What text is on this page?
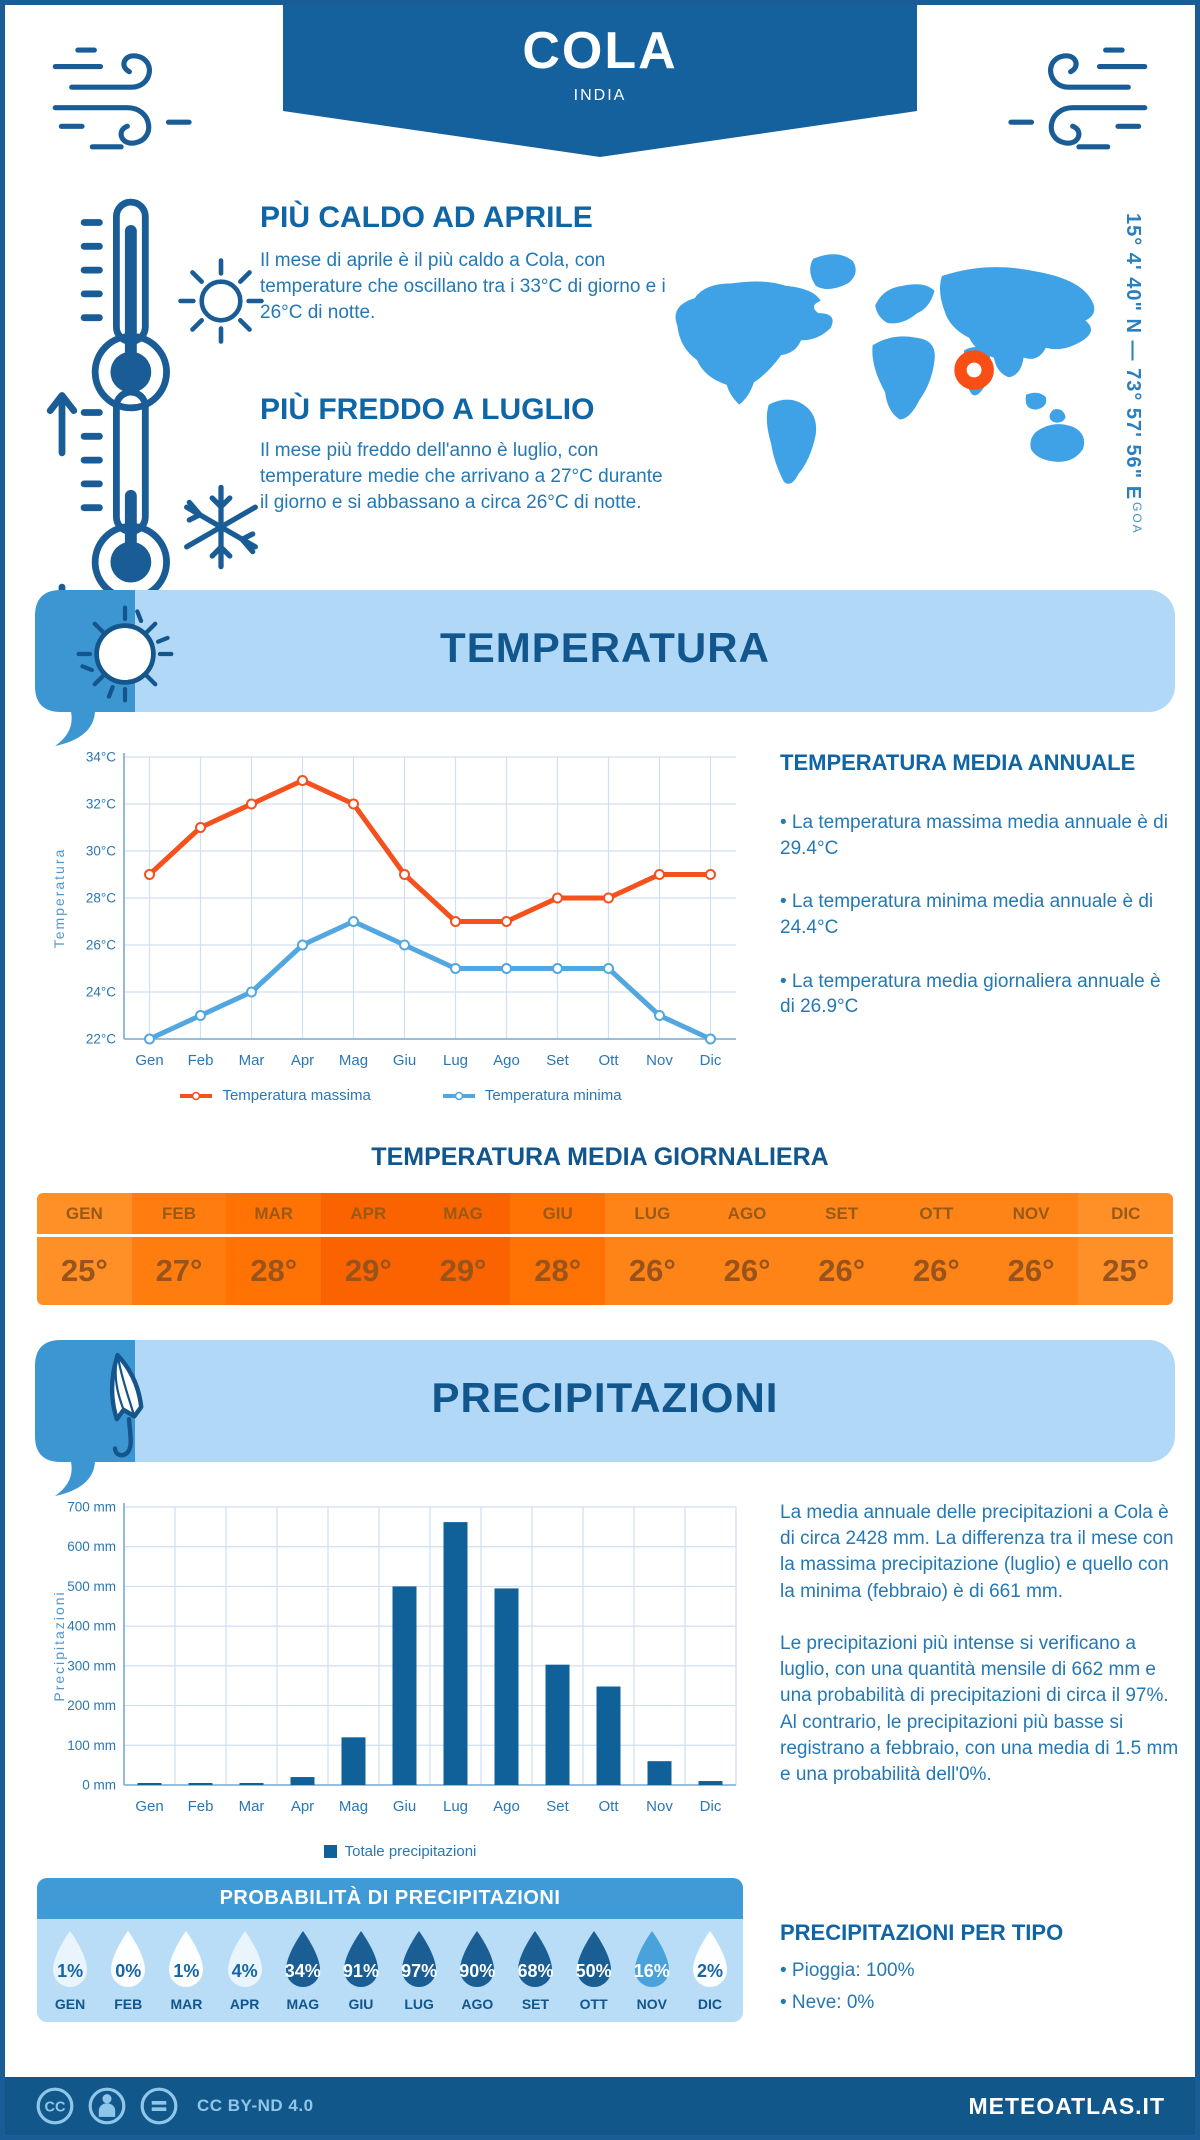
COLA
INDIA
PIÙ CALDO AD APRILE
Il mese di aprile è il più caldo a Cola, con temperature che oscillano tra i 33°C di giorno e i 26°C di notte.
PIÙ FREDDO A LUGLIO
Il mese più freddo dell'anno è luglio, con temperature medie che arrivano a 27°C durante il giorno e si abbassano a circa 26°C di notte.
15° 4' 40" N — 73° 57' 56" E
GOA
TEMPERATURA
22°C
24°C
26°C
28°C
30°C
32°C
34°C
Gen Feb Mar Apr Mag Giu Lug Ago Set Ott Nov Dic
Temperatura
Temperatura massima	Temperatura minima
TEMPERATURA MEDIA ANNUALE

• La temperatura massima media annuale è di 29.4°C

• La temperatura minima media annuale è di 24.4°C

• La temperatura media giornaliera annuale è di 26.9°C

TEMPERATURA MEDIA GIORNALIERA
GEN
25°
FEB
27°
MAR
28°
APR
29°
MAG
29°
GIU
28°
LUG
26°
AGO
26°
SET
26°
OTT
26°
NOV
26°
DIC
25°
PRECIPITAZIONI
0 mm
100 mm
200 mm
300 mm
400 mm
500 mm
600 mm
700 mm
Gen Feb Mar Apr Mag Giu Lug Ago Set Ott Nov Dic
Precipitazioni
Totale precipitazioni

La media annuale delle precipitazioni a Cola è di circa 2428 mm. La differenza tra il mese con la massima precipitazione (luglio) e quello con la minima (febbraio) è di 661 mm.

Le precipitazioni più intense si verificano a luglio, con una quantità mensile di 662 mm e una probabilità di precipitazioni di circa il 97%. Al contrario, le precipitazioni più basse si registrano a febbraio, con una media di 1.5 mm e una probabilità dell'0%.

PROBABILITÀ DI PRECIPITAZIONI
1%
GEN
0%
FEB
1%
MAR
4%
APR
34%
MAG
91%
GIU
97%
LUG
90%
AGO
68%
SET
50%
OTT
16%
NOV
2%
DIC
PRECIPITAZIONI PER TIPO

• Pioggia: 100%

• Neve: 0%

CC	CC BY-ND 4.0	METEOATLAS.IT
